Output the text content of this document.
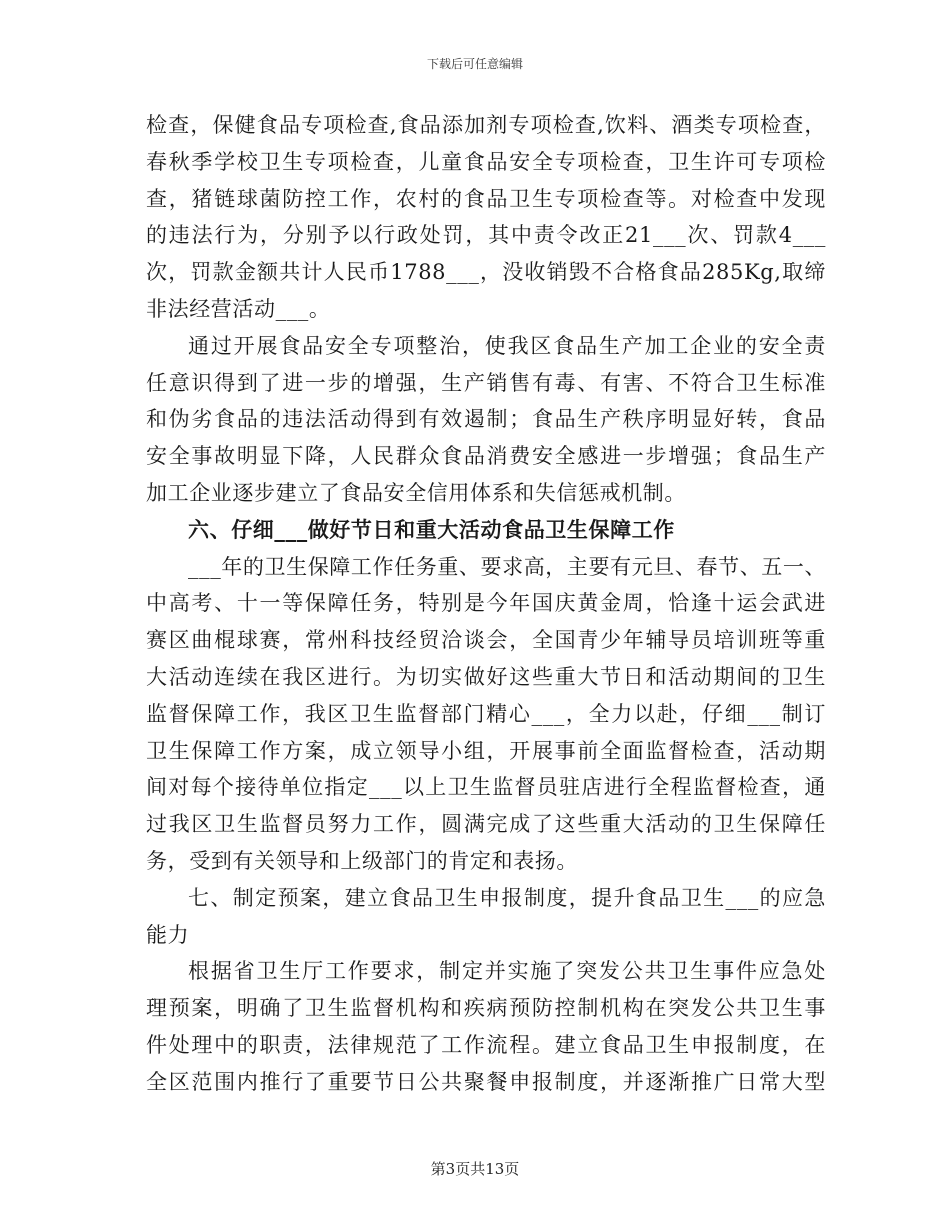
下载后可任意编辑
检查，保健食品专项检查,食品添加剂专项检查,饮料、酒类专项检查，
春秋季学校卫生专项检查，儿童食品安全专项检查，卫生许可专项检
查，猪链球菌防控工作，农村的食品卫生专项检查等。对检查中发现
的违法行为，分别予以行政处罚，其中责令改正21___次、罚款4___
次，罚款金额共计人民币1788___，没收销毁不合格食品285Kg,取缔
非法经营活动___。
通过开展食品安全专项整治，使我区食品生产加工企业的安全责
任意识得到了进一步的增强，生产销售有毒、有害、不符合卫生标准
和伪劣食品的违法活动得到有效遏制；食品生产秩序明显好转，食品
安全事故明显下降，人民群众食品消费安全感进一步增强；食品生产
加工企业逐步建立了食品安全信用体系和失信惩戒机制。
六、仔细___做好节日和重大活动食品卫生保障工作
___年的卫生保障工作任务重、要求高，主要有元旦、春节、五一、
中高考、十一等保障任务，特别是今年国庆黄金周，恰逢十运会武进
赛区曲棍球赛，常州科技经贸洽谈会，全国青少年辅导员培训班等重
大活动连续在我区进行。为切实做好这些重大节日和活动期间的卫生
监督保障工作，我区卫生监督部门精心___，全力以赴，仔细___制订
卫生保障工作方案，成立领导小组，开展事前全面监督检查，活动期
间对每个接待单位指定___以上卫生监督员驻店进行全程监督检查，通
过我区卫生监督员努力工作，圆满完成了这些重大活动的卫生保障任
务，受到有关领导和上级部门的肯定和表扬。
七、制定预案，建立食品卫生申报制度，提升食品卫生___的应急
能力
根据省卫生厅工作要求，制定并实施了突发公共卫生事件应急处
理预案，明确了卫生监督机构和疾病预防控制机构在突发公共卫生事
件处理中的职责，法律规范了工作流程。建立食品卫生申报制度，在
全区范围内推行了重要节日公共聚餐申报制度，并逐渐推广日常大型
第3页共13页
